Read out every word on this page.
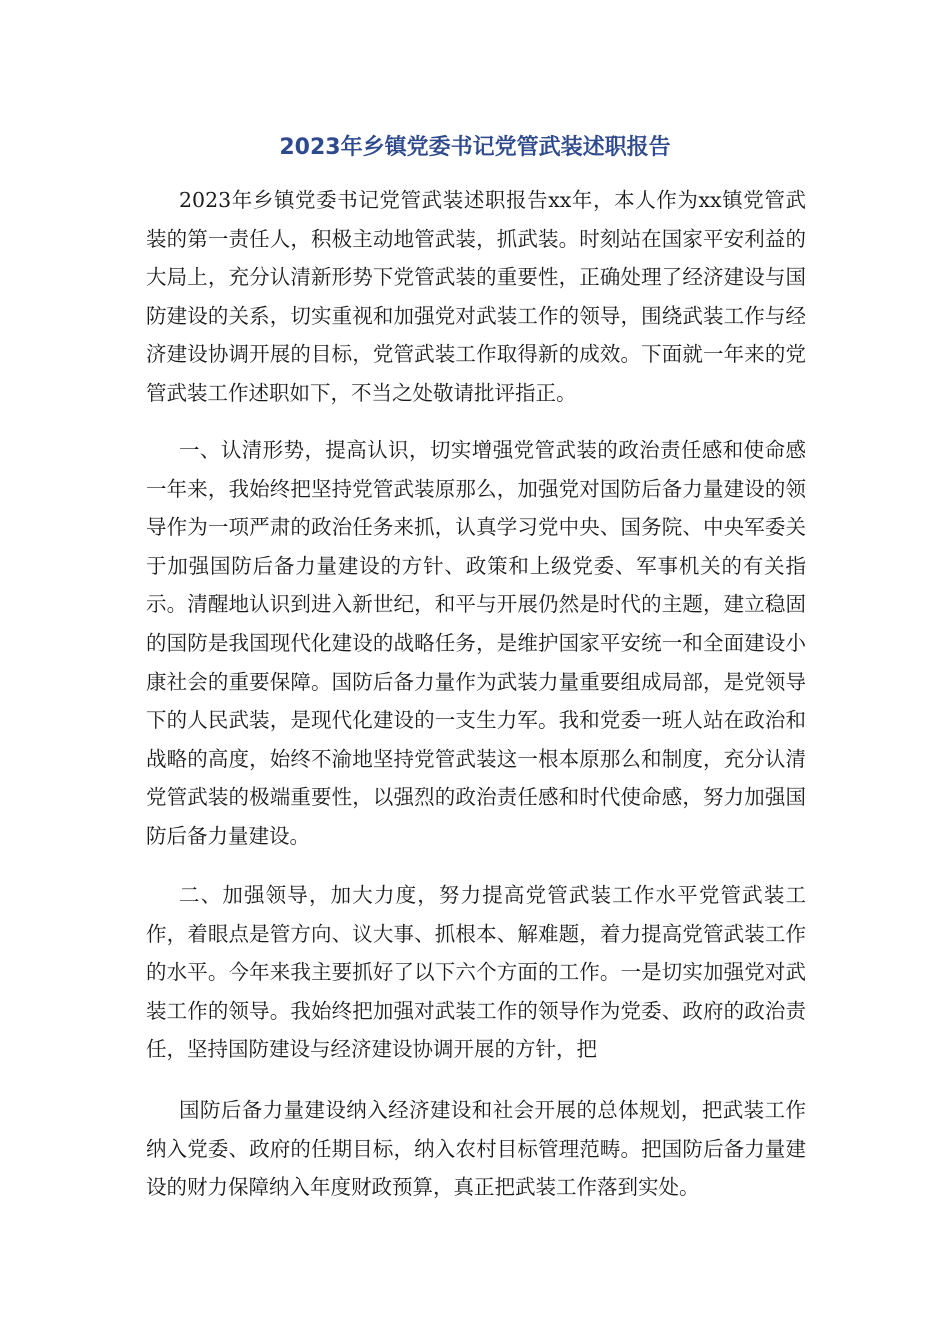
2023年乡镇党委书记党管武装述职报告

2023年乡镇党委书记党管武装述职报告xx年，本人作为xx镇党管武装的第一责任人，积极主动地管武装，抓武装。时刻站在国家平安利益的大局上，充分认清新形势下党管武装的重要性，正确处理了经济建设与国防建设的关系，切实重视和加强党对武装工作的领导，围绕武装工作与经济建设协调开展的目标，党管武装工作取得新的成效。下面就一年来的党管武装工作述职如下，不当之处敬请批评指正。

一、认清形势，提高认识，切实增强党管武装的政治责任感和使命感一年来，我始终把坚持党管武装原那么，加强党对国防后备力量建设的领导作为一项严肃的政治任务来抓，认真学习党中央、国务院、中央军委关于加强国防后备力量建设的方针、政策和上级党委、军事机关的有关指示。清醒地认识到进入新世纪，和平与开展仍然是时代的主题，建立稳固的国防是我国现代化建设的战略任务，是维护国家平安统一和全面建设小康社会的重要保障。国防后备力量作为武装力量重要组成局部，是党领导下的人民武装，是现代化建设的一支生力军。我和党委一班人站在政治和战略的高度，始终不渝地坚持党管武装这一根本原那么和制度，充分认清党管武装的极端重要性，以强烈的政治责任感和时代使命感，努力加强国防后备力量建设。

二、加强领导，加大力度，努力提高党管武装工作水平党管武装工作，着眼点是管方向、议大事、抓根本、解难题，着力提高党管武装工作的水平。今年来我主要抓好了以下六个方面的工作。一是切实加强党对武装工作的领导。我始终把加强对武装工作的领导作为党委、政府的政治责任，坚持国防建设与经济建设协调开展的方针，把

国防后备力量建设纳入经济建设和社会开展的总体规划，把武装工作纳入党委、政府的任期目标，纳入农村目标管理范畴。把国防后备力量建设的财力保障纳入年度财政预算，真正把武装工作落到实处。
